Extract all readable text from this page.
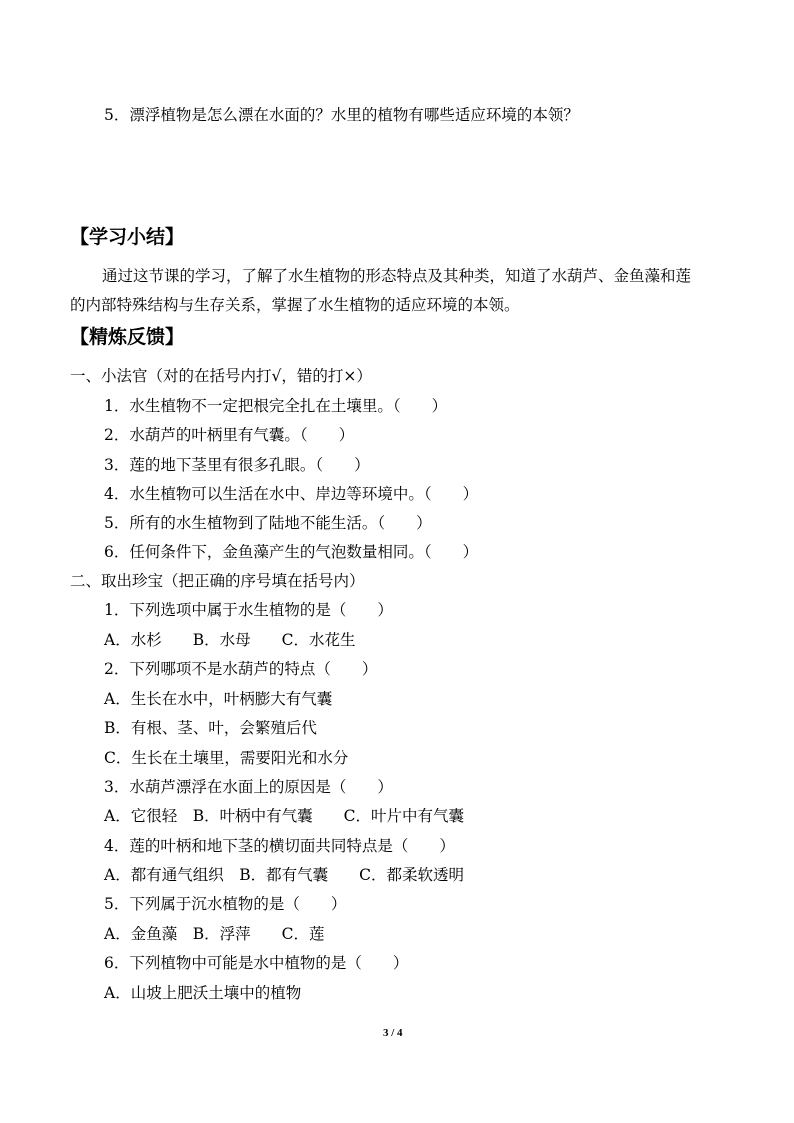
5．漂浮植物是怎么漂在水面的？水里的植物有哪些适应环境的本领？
【学习小结】
通过这节课的学习，了解了水生植物的形态特点及其种类，知道了水葫芦、金鱼藻和莲
的内部特殊结构与生存关系，掌握了水生植物的适应环境的本领。
【精炼反馈】
一、小法官（对的在括号内打√，错的打×）
1．水生植物不一定把根完全扎在土壤里。（　　）
2．水葫芦的叶柄里有气囊。（　　）
3．莲的地下茎里有很多孔眼。（　　）
4．水生植物可以生活在水中、岸边等环境中。（　　）
5．所有的水生植物到了陆地不能生活。（　　）
6．任何条件下，金鱼藻产生的气泡数量相同。（　　）
二、取出珍宝（把正确的序号填在括号内）
1．下列选项中属于水生植物的是（　　）
A．水杉　　B．水母　　C．水花生
2．下列哪项不是水葫芦的特点（　　）
A．生长在水中，叶柄膨大有气囊
B．有根、茎、叶，会繁殖后代
C．生长在土壤里，需要阳光和水分
3．水葫芦漂浮在水面上的原因是（　　）
A．它很轻　B．叶柄中有气囊　　C．叶片中有气囊
4．莲的叶柄和地下茎的横切面共同特点是（　　）
A．都有通气组织　B．都有气囊　　C．都柔软透明
5．下列属于沉水植物的是（　　）
A．金鱼藻　B．浮萍　　C．莲
6．下列植物中可能是水中植物的是（　　）
A．山坡上肥沃土壤中的植物
3 / 4
